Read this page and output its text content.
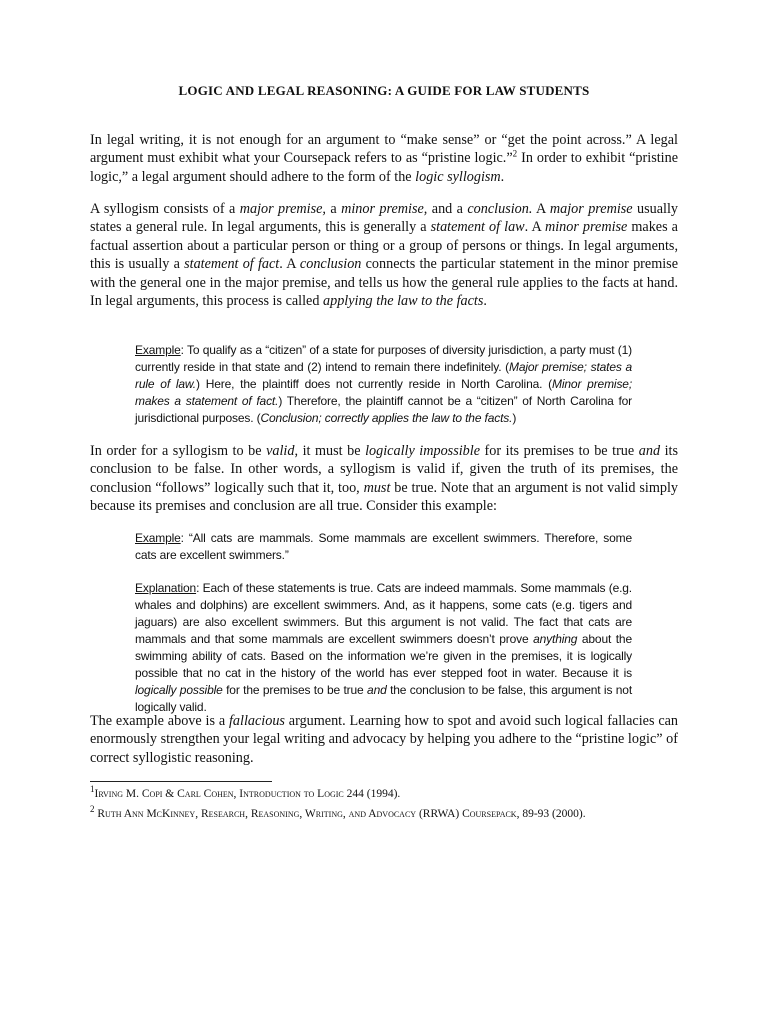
LOGIC AND LEGAL REASONING: A GUIDE FOR LAW STUDENTS

In legal writing, it is not enough for an argument to “make sense” or “get the point across.” A legal argument must exhibit what your Coursepack refers to as “pristine logic.”$^2$ In order to exhibit “pristine logic,” a legal argument should adhere to the form of the logic syllogism.

A syllogism consists of a major premise, a minor premise, and a conclusion. A major premise usually states a general rule. In legal arguments, this is generally a statement of law. A minor premise makes a factual assertion about a particular person or thing or a group of persons or things. In legal arguments, this is usually a statement of fact. A conclusion connects the particular statement in the minor premise with the general one in the major premise, and tells us how the general rule applies to the facts at hand. In legal arguments, this process is called applying the law to the facts.

Example: To qualify as a “citizen” of a state for purposes of diversity jurisdiction, a party must (1) currently reside in that state and (2) intend to remain there indefinitely. (Major premise; states a rule of law.) Here, the plaintiff does not currently reside in North Carolina. (Minor premise; makes a statement of fact.) Therefore, the plaintiff cannot be a “citizen” of North Carolina for jurisdictional purposes. (Conclusion; correctly applies the law to the facts.)

In order for a syllogism to be valid, it must be logically impossible for its premises to be true and its conclusion to be false. In other words, a syllogism is valid if, given the truth of its premises, the conclusion “follows” logically such that it, too, must be true. Note that an argument is not valid simply because its premises and conclusion are all true. Consider this example:

Example: “All cats are mammals. Some mammals are excellent swimmers. Therefore, some cats are excellent swimmers.”

Explanation: Each of these statements is true. Cats are indeed mammals. Some mammals (e.g. whales and dolphins) are excellent swimmers. And, as it happens, some cats (e.g. tigers and jaguars) are also excellent swimmers. But this argument is not valid. The fact that cats are mammals and that some mammals are excellent swimmers doesn’t prove anything about the swimming ability of cats. Based on the information we’re given in the premises, it is logically possible that no cat in the history of the world has ever stepped foot in water. Because it is logically possible for the premises to be true and the conclusion to be false, this argument is not logically valid.

The example above is a fallacious argument. Learning how to spot and avoid such logical fallacies can enormously strengthen your legal writing and advocacy by helping you adhere to the “pristine logic” of correct syllogistic reasoning.

$^1$Irving M. Copi & Carl Cohen, Introduction to Logic 244 (1994).

$^2$ Ruth Ann McKinney, Research, Reasoning, Writing, and Advocacy (RRWA) Coursepack, 89-93 (2000).
